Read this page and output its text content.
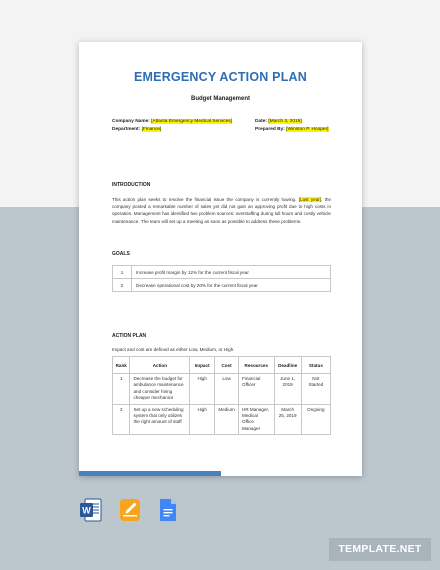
EMERGENCY ACTION PLAN
Budget Management
Company Name: [Atlanta Emergency Medical Services]
Department: [Finance]
Date: [March 3, 2019]
Prepared By: [Winston P. Hooper]
INTRODUCTION
This action plan seeks to resolve the financial issue the company is currently having. [Last year], the company posted a remarkable number of sales yet did not gain an approving profit due to high costs in operation. Management has identified two problem sources: overstaffing during lull hours and costly vehicle maintenance. The team will set up a meeting as soon as possible to address these problems.
GOALS
1	Increase profit margin by 12% for the current fiscal year
2	Decrease operational cost by 20% for the current fiscal year
ACTION PLAN
Impact and cost are defined as either Low, Medium, or High.
Rank	Action	Impact	Cost	Resources	Deadline	Status
1	Decrease the budget for ambulance maintenance and consider hiring cheaper mechanics	High	Low	Financial Officer	June 1, 2019	Not Started
2	Set up a new scheduling system that only utilizes the right amount of staff	High	Medium	HR Manager, Medical Office Manager	March 25, 2019	Ongoing
W
TEMPLATE.NET
